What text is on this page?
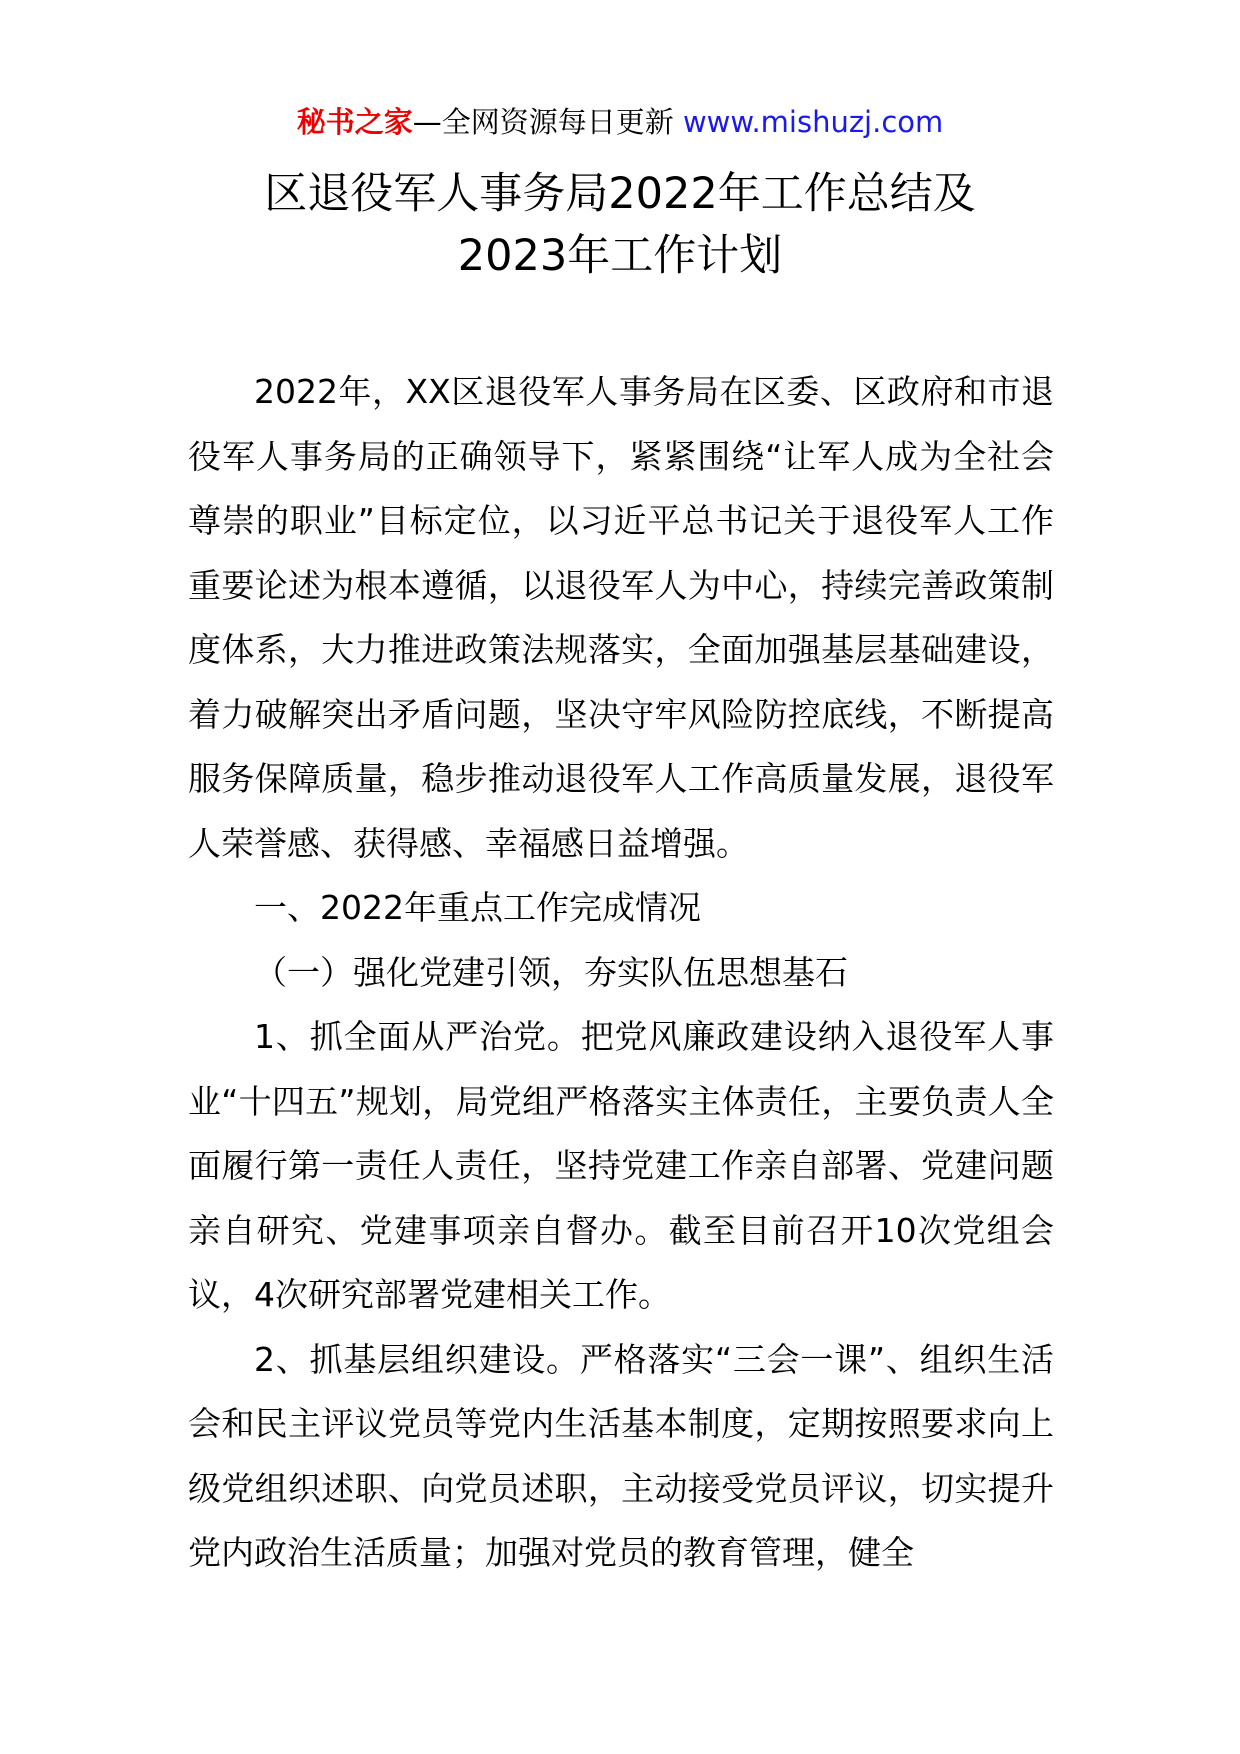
秘书之家—全网资源每日更新 www.mishuzj.com
区退役军人事务局2022年工作总结及
2023年工作计划

2022年，XX区退役军人事务局在区委、区政府和市退役军人事务局的正确领导下，紧紧围绕“让军人成为全社会尊崇的职业”目标定位，以习近平总书记关于退役军人工作重要论述为根本遵循，以退役军人为中心，持续完善政策制度体系，大力推进政策法规落实，全面加强基层基础建设，着力破解突出矛盾问题，坚决守牢风险防控底线，不断提高服务保障质量，稳步推动退役军人工作高质量发展，退役军人荣誉感、获得感、幸福感日益增强。

一、2022年重点工作完成情况

（一）强化党建引领，夯实队伍思想基石

1、抓全面从严治党。把党风廉政建设纳入退役军人事业“十四五”规划，局党组严格落实主体责任，主要负责人全面履行第一责任人责任，坚持党建工作亲自部署、党建问题亲自研究、党建事项亲自督办。截至目前召开10次党组会议，4次研究部署党建相关工作。

2、抓基层组织建设。严格落实“三会一课”、组织生活会和民主评议党员等党内生活基本制度，定期按照要求向上级党组织述职、向党员述职，主动接受党员评议，切实提升党内政治生活质量；加强对党员的教育管理，健全
